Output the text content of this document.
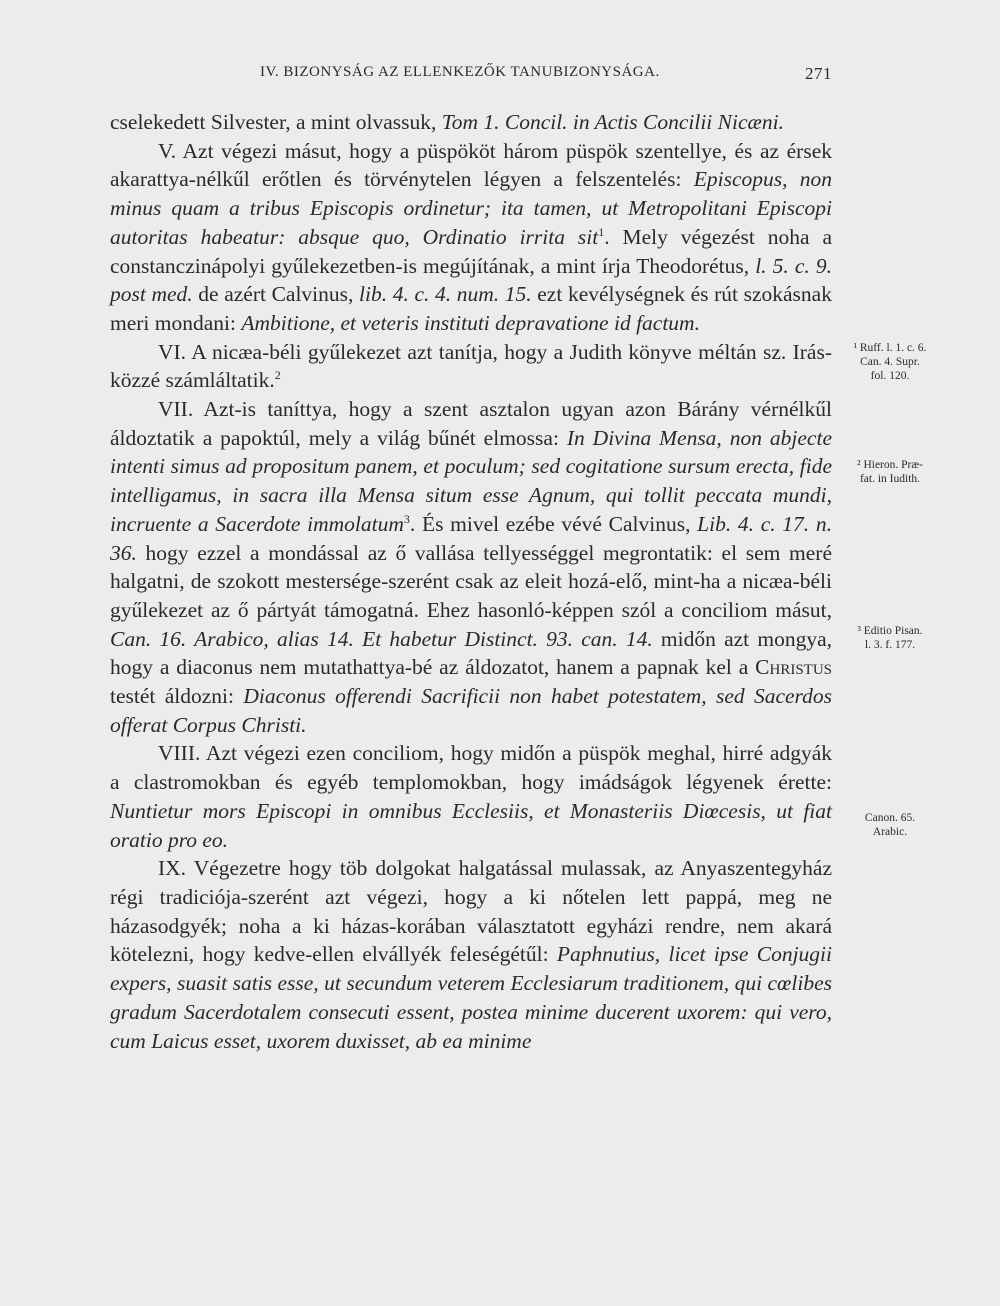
IV. BIZONYSÁG AZ ELLENKEZŐK TANUBIZONYSÁGA.	271

cselekedett Silvester, a mint olvassuk, Tom 1. Concil. in Actis Concilii Nicæni.

V. Azt végezi másut, hogy a püspököt három püspök szentellye, és az érsek akarattya-nélkűl erőtlen és törvénytelen légyen a felszentelés: Episcopus, non minus quam a tribus Episcopis ordinetur; ita tamen, ut Metropolitani Episcopi autoritas habeatur: absque quo, Ordinatio irrita sit$^1$. Mely végezést noha a constanczinápolyi gyűlekezetben-is megújítának, a mint írja Theodorétus, l. 5. c. 9. post med. de azért Calvinus, lib. 4. c. 4. num. 15. ezt kevélységnek és rút szokásnak meri mondani: Ambitione, et veteris instituti depravatione id factum.

VI. A nicæa-béli gyűlekezet azt tanítja, hogy a Judith könyve méltán sz. Irás-közzé számláltatik.$^2$

VII. Azt-is taníttya, hogy a szent asztalon ugyan azon Bárány vérnélkűl áldoztatik a papoktúl, mely a világ bűnét elmossa: In Divina Mensa, non abjecte intenti simus ad propositum panem, et poculum; sed cogitatione sursum erecta, fide intelligamus, in sacra illa Mensa situm esse Agnum, qui tollit peccata mundi, incruente a Sacerdote immolatum$^3$. És mivel ezébe vévé Calvinus, Lib. 4. c. 17. n. 36. hogy ezzel a mondással az ő vallása tellyességgel megrontatik: el sem meré halgatni, de szokott mestersége-szerént csak az eleit hozá-elő, mint-ha a nicæa-béli gyűlekezet az ő pártyát támogatná. Ehez hasonló-képpen szól a conciliom másut, Can. 16. Arabico, alias 14. Et habetur Distinct. 93. can. 14. midőn azt mongya, hogy a diaconus nem mutathattya-bé az áldozatot, hanem a papnak kel a Christus testét áldozni: Diaconus offerendi Sacrificii non habet potestatem, sed Sacerdos offerat Corpus Christi.

VIII. Azt végezi ezen conciliom, hogy midőn a püspök meghal, hirré adgyák a clastromokban és egyéb templomokban, hogy imádságok légyenek érette: Nuntietur mors Episcopi in omnibus Ecclesiis, et Monasteriis Diœcesis, ut fiat oratio pro eo.

IX. Végezetre hogy töb dolgokat halgatással mulassak, az Anyaszentegyház régi tradiciója-szerént azt végezi, hogy a ki nőtelen lett pappá, meg ne házasodgyék; noha a ki házas-korában választatott egyházi rendre, nem akará kötelezni, hogy kedve-ellen elvállyék feleségétűl: Paphnutius, licet ipse Conjugii expers, suasit satis esse, ut secundum veterem Ecclesiarum traditionem, qui cœlibes gradum Sacerdotalem consecuti essent, postea minime ducerent uxorem: qui vero, cum Laicus esset, uxorem duxisset, ab ea minime

¹ Ruff. l. 1. c. 6.
Can. 4. Supr.
fol. 120.
² Hieron. Præ-
fat. in Iudith.
³ Editio Pisan.
l. 3. f. 177.
Canon. 65.
Arabic.
